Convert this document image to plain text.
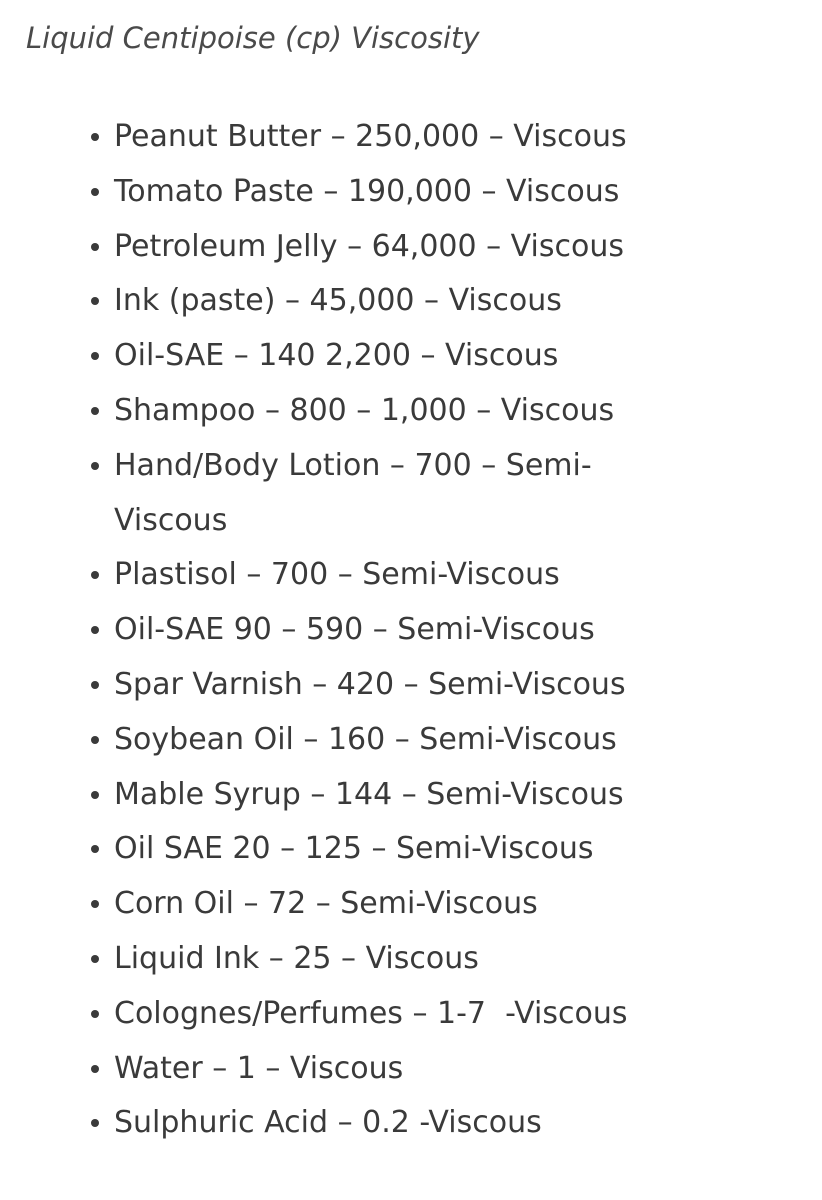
Liquid Centipoise (cp) Viscosity
Peanut Butter – 250,000 – Viscous
Tomato Paste – 190,000 – Viscous
Petroleum Jelly – 64,000 – Viscous
Ink (paste) – 45,000 – Viscous
Oil-SAE – 140 2,200 – Viscous
Shampoo – 800 – 1,000 – Viscous
Hand/Body Lotion – 700 – Semi-
Viscous
Plastisol – 700 – Semi-Viscous
Oil-SAE 90 – 590 – Semi-Viscous
Spar Varnish – 420 – Semi-Viscous
Soybean Oil – 160 – Semi-Viscous
Mable Syrup – 144 – Semi-Viscous
Oil SAE 20 – 125 – Semi-Viscous
Corn Oil – 72 – Semi-Viscous
Liquid Ink – 25 – Viscous
Colognes/Perfumes – 1-7  -Viscous
Water – 1 – Viscous
Sulphuric Acid – 0.2 -Viscous
